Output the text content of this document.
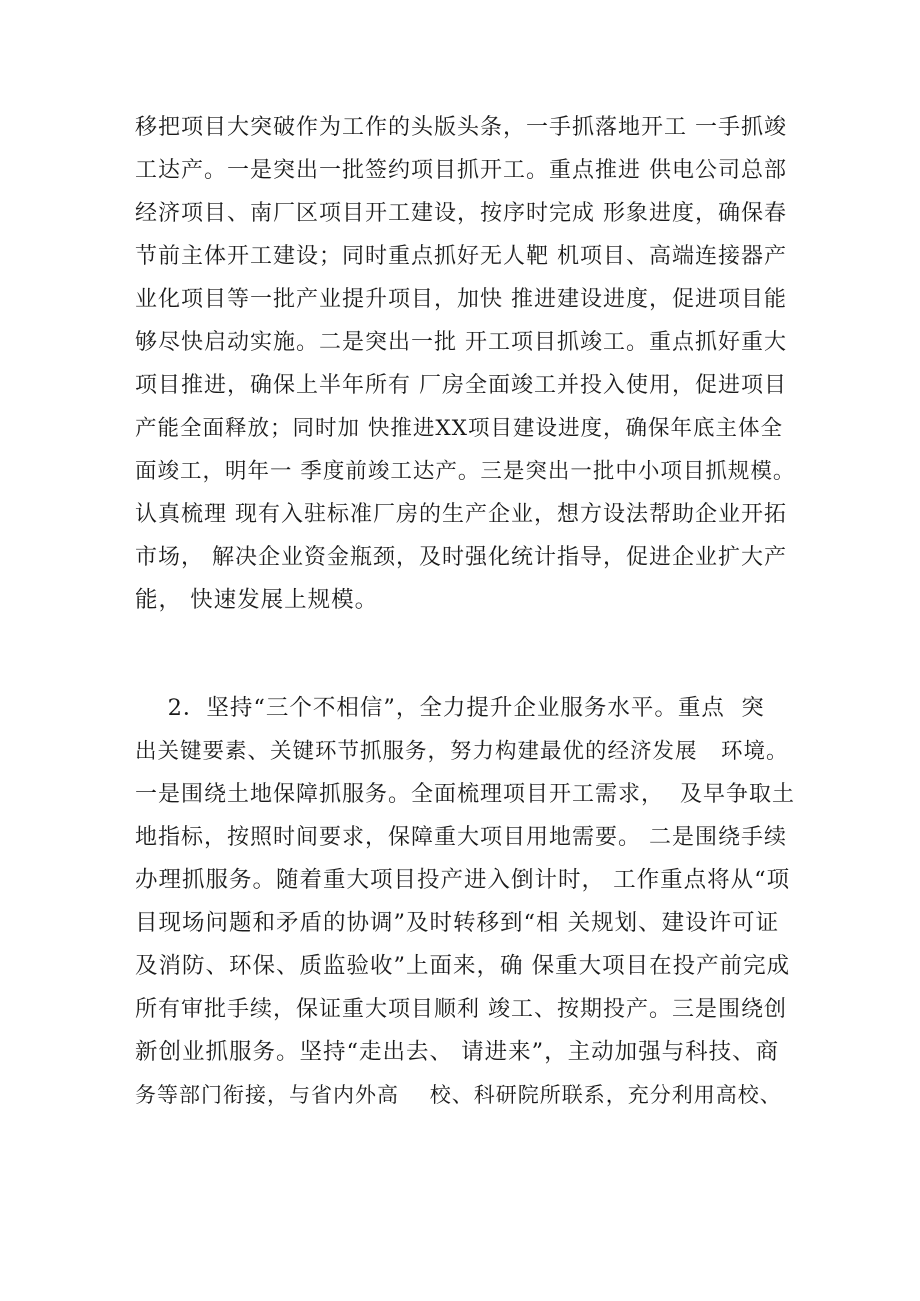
移把项目大突破作为工作的头版头条，一手抓落地开工 一手抓竣
工达产。一是突出一批签约项目抓开工。重点推进 供电公司总部
经济项目、南厂区项目开工建设，按序时完成 形象进度，确保春
节前主体开工建设；同时重点抓好无人靶 机项目、高端连接器产
业化项目等一批产业提升项目，加快 推进建设进度，促进项目能
够尽快启动实施。二是突出一批 开工项目抓竣工。重点抓好重大
项目推进，确保上半年所有 厂房全面竣工并投入使用，促进项目
产能全面释放；同时加 快推进XX项目建设进度，确保年底主体全
面竣工，明年一 季度前竣工达产。三是突出一批中小项目抓规模。
认真梳理 现有入驻标准厂房的生产企业，想方设法帮助企业开拓
市场， 解决企业资金瓶颈，及时强化统计指导，促进企业扩大产
能， 快速发展上规模。
2．坚持“三个不相信”，全力提升企业服务水平。重点  突
出关键要素、关键环节抓服务，努力构建最优的经济发展   环境。
一是围绕土地保障抓服务。全面梳理项目开工需求，  及早争取土
地指标，按照时间要求，保障重大项目用地需要。 二是围绕手续
办理抓服务。随着重大项目投产进入倒计时， 工作重点将从“项
目现场问题和矛盾的协调”及时转移到“相 关规划、建设许可证
及消防、环保、质监验收”上面来，确 保重大项目在投产前完成
所有审批手续，保证重大项目顺利 竣工、按期投产。三是围绕创
新创业抓服务。坚持“走出去、 请进来”，主动加强与科技、商
务等部门衔接，与省内外高    校、科研院所联系，充分利用高校、
